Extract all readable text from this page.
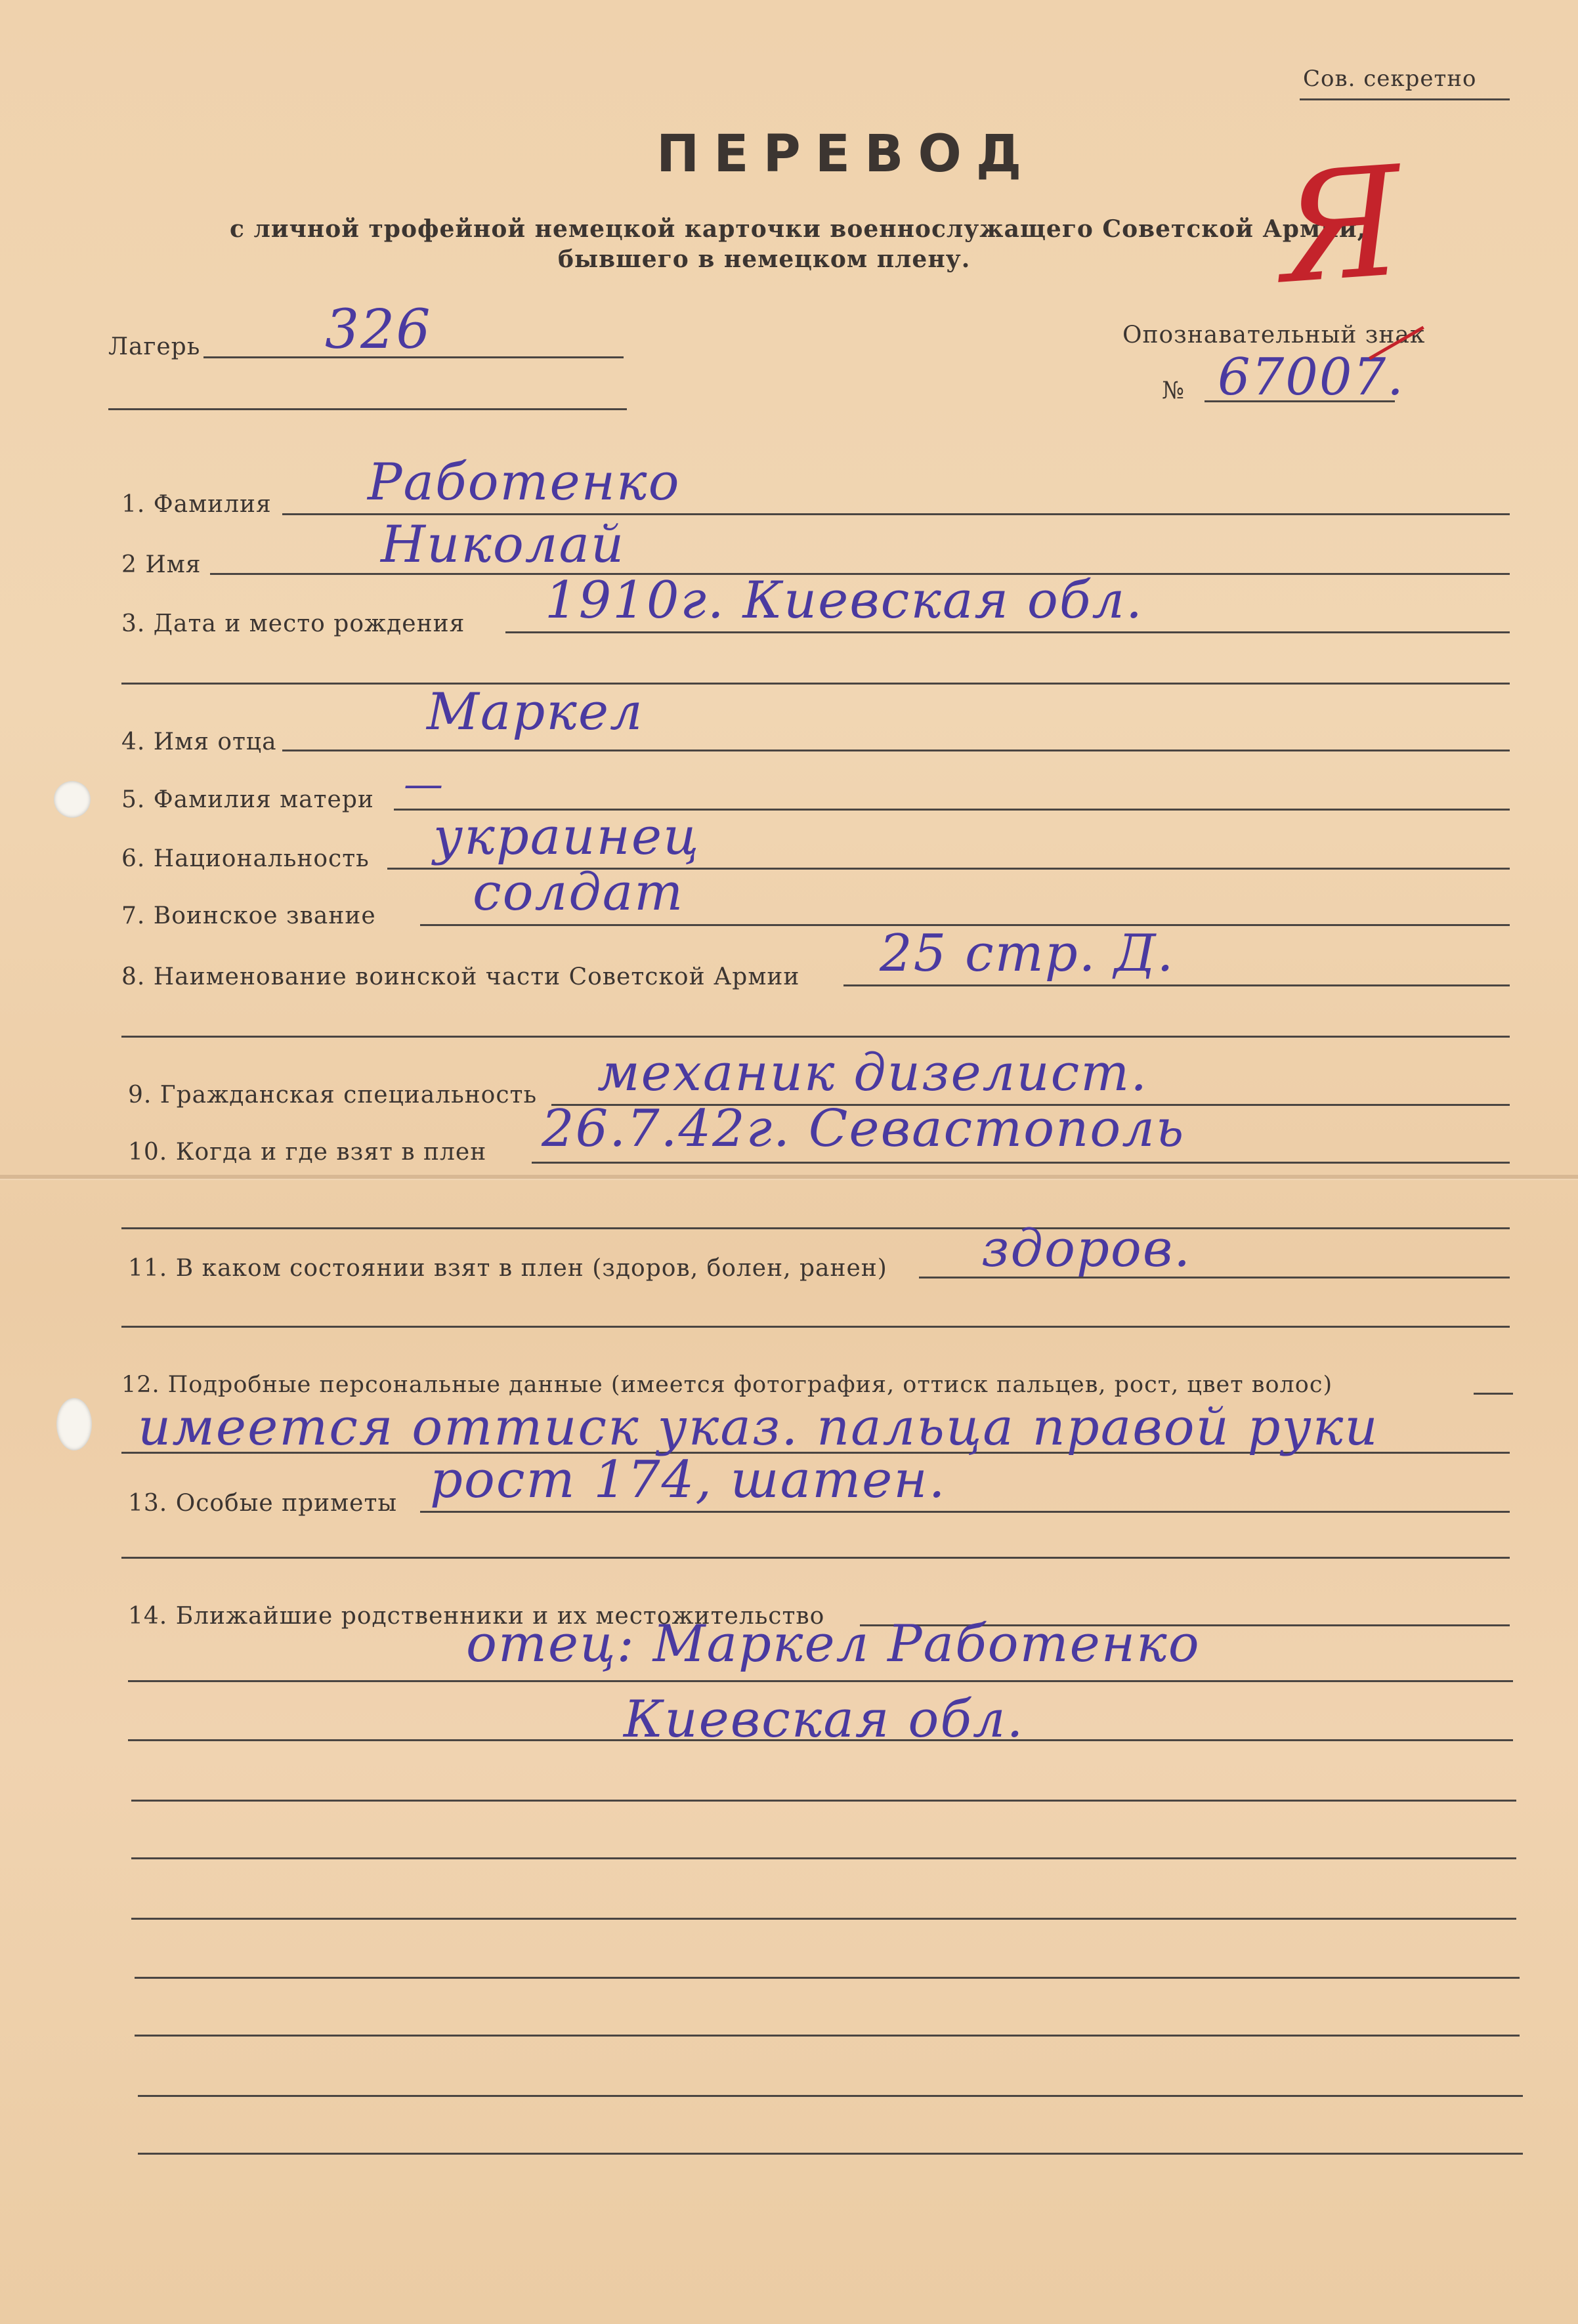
Сов. секретно
ПЕРЕВОД
с личной трофейной немецкой карточки военнослужащего Советской Армии,
бывшего в немецком плену. Я
Лагерь 326	Опознавательный знак
№ 67007.
1. Фамилия Работенко
2 Имя	Николай
3. Дата и место рождения 1910г. Киевская обл.
4. Имя отца
Маркел
5. Фамилия матери —
6. Национальность украинец
7. Воинское звание солдат
8. Наименование воинской части Советской Армии 25 стр. Д.
9. Гражданская специальность механик дизелист.
10. Когда и где взят в плен 26.7.42г. Севастополь
11. В каком состоянии взят в плен (здоров, болен, ранен) здоров.
12. Подробные персональные данные (имеется фотография, оттиск пальцев, рост, цвет волос)
имеется оттиск указ. пальца правой руки
13. Особые приметы рост 174, шатен.
14. Ближайшие родственники и их местожительство
отец: Маркел Работенко
Киевская обл.
